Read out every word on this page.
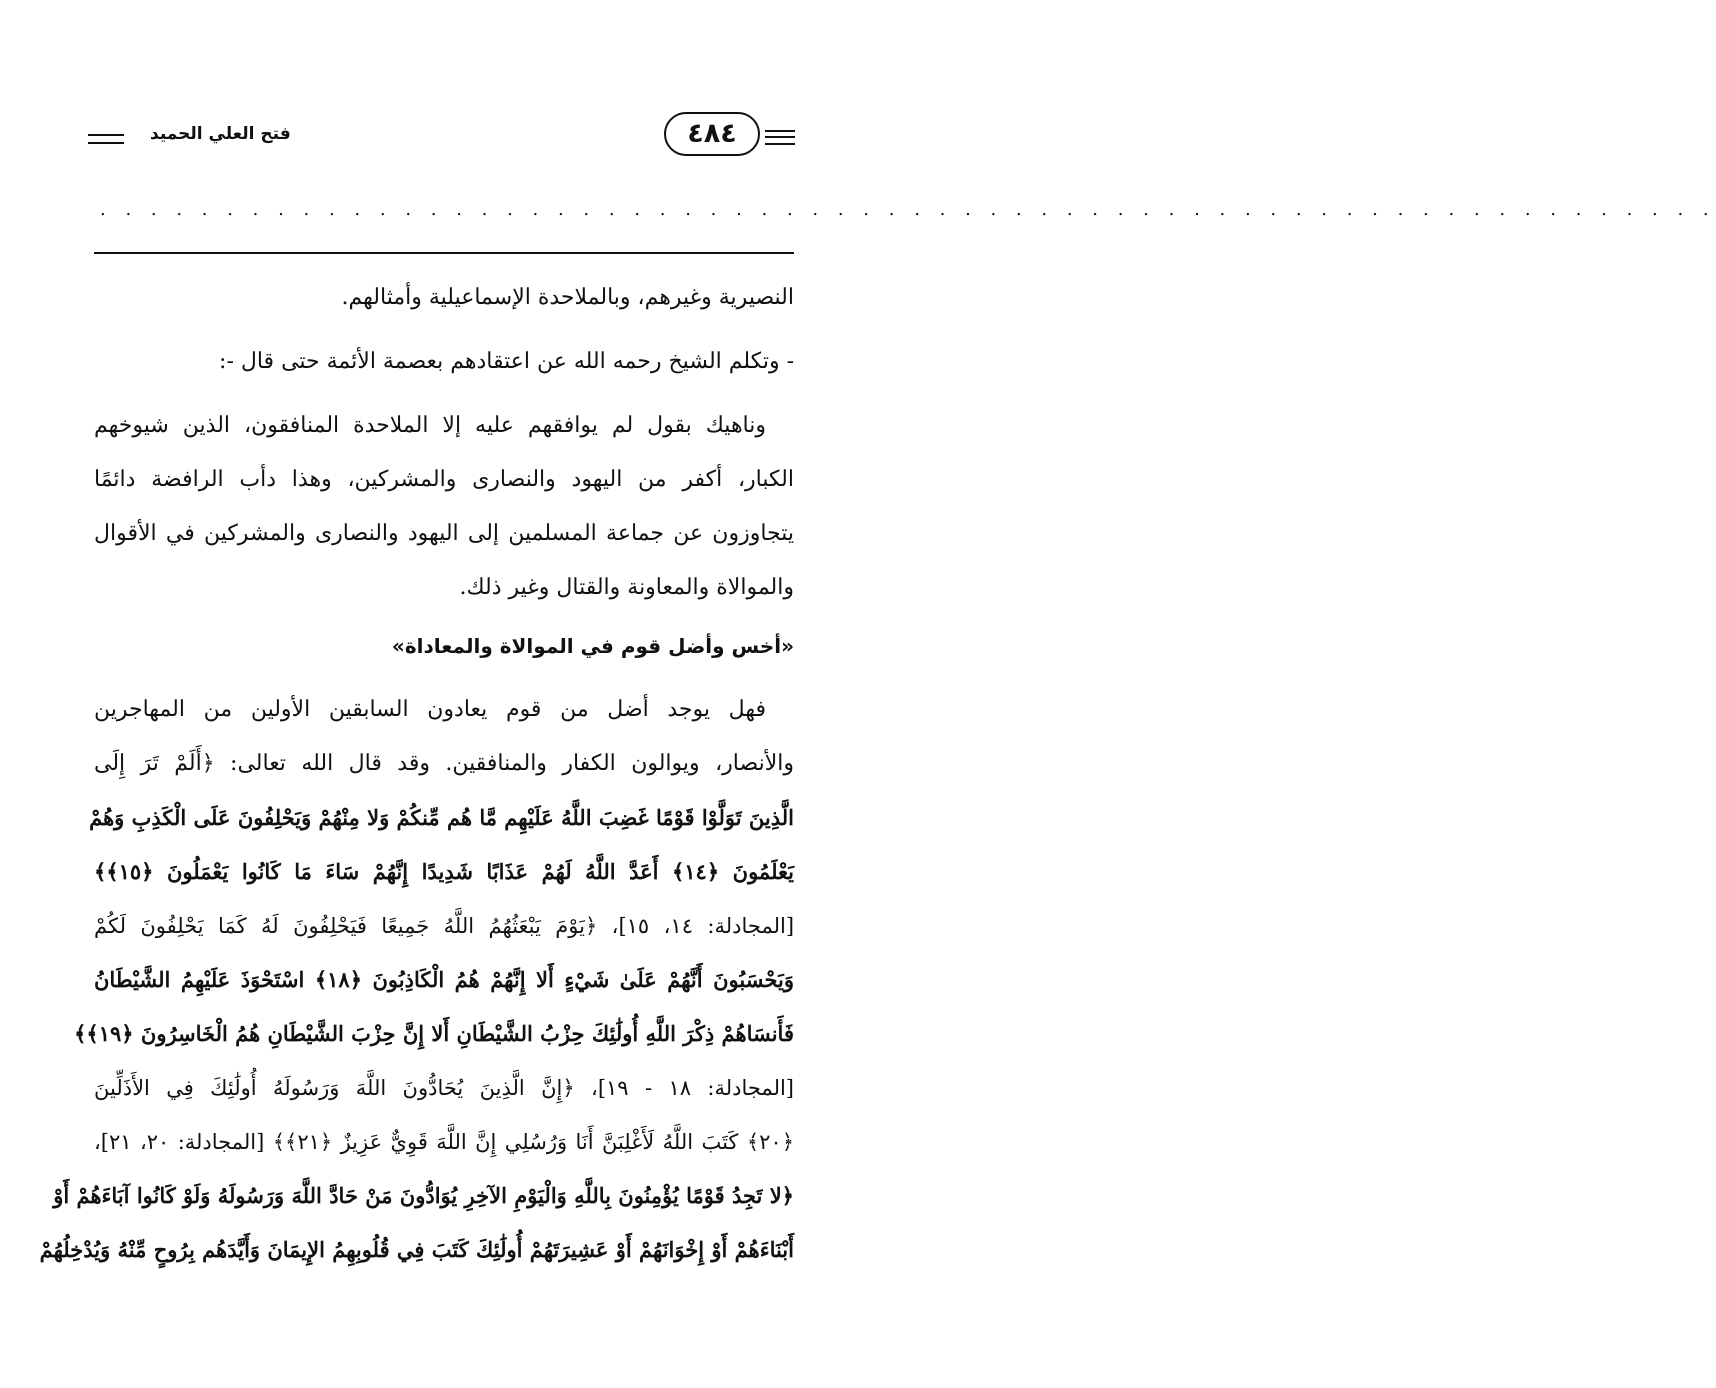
فتح العلي الحميد	٤٨٤
. . . . . . . . . . . . . . . . . . . . . . . . . . . . . . . . . . . . . . . . . . . . . . . . . . . . . . . . . . . . . . . .
النصيرية وغيرهم، وبالملاحدة الإسماعيلية وأمثالهم.
- وتكلم الشيخ رحمه الله عن اعتقادهم بعصمة الأئمة حتى قال -:
وناهيك بقول لم يوافقهم عليه إلا الملاحدة المنافقون، الذين شيوخهم
الكبار، أكفر من اليهود والنصارى والمشركين، وهذا دأب الرافضة دائمًا
يتجاوزون عن جماعة المسلمين إلى اليهود والنصارى والمشركين في الأقوال
والموالاة والمعاونة والقتال وغير ذلك.
«أخس وأضل قوم في الموالاة والمعاداة»
فهل يوجد أضل من قوم يعادون السابقين الأولين من المهاجرين
والأنصار، ويوالون الكفار والمنافقين. وقد قال الله تعالى: ﴿أَلَمْ تَرَ إِلَى
الَّذِينَ تَوَلَّوْا قَوْمًا غَضِبَ اللَّهُ عَلَيْهِم مَّا هُم مِّنكُمْ وَلا مِنْهُمْ وَيَحْلِفُونَ عَلَى الْكَذِبِ وَهُمْ
يَعْلَمُونَ ﴿١٤﴾ أَعَدَّ اللَّهُ لَهُمْ عَذَابًا شَدِيدًا إِنَّهُمْ سَاءَ مَا كَانُوا يَعْمَلُونَ ﴿١٥﴾﴾
[المجادلة: ١٤، ١٥]، ﴿يَوْمَ يَبْعَثُهُمُ اللَّهُ جَمِيعًا فَيَحْلِفُونَ لَهُ كَمَا يَحْلِفُونَ لَكُمْ
وَيَحْسَبُونَ أَنَّهُمْ عَلَىٰ شَيْءٍ أَلا إِنَّهُمْ هُمُ الْكَاذِبُونَ ﴿١٨﴾ اسْتَحْوَذَ عَلَيْهِمُ الشَّيْطَانُ
فَأَنسَاهُمْ ذِكْرَ اللَّهِ أُولَٰئِكَ حِزْبُ الشَّيْطَانِ أَلا إِنَّ حِزْبَ الشَّيْطَانِ هُمُ الْخَاسِرُونَ ﴿١٩﴾﴾
[المجادلة: ١٨ - ١٩]، ﴿إِنَّ الَّذِينَ يُحَادُّونَ اللَّهَ وَرَسُولَهُ أُولَٰئِكَ فِي الأَذَلِّينَ
﴿٢٠﴾ كَتَبَ اللَّهُ لَأَغْلِبَنَّ أَنَا وَرُسُلِي إِنَّ اللَّهَ قَوِيٌّ عَزِيزٌ ﴿٢١﴾﴾ [المجادلة: ٢٠، ٢١]،
﴿لا تَجِدُ قَوْمًا يُؤْمِنُونَ بِاللَّهِ وَالْيَوْمِ الآخِرِ يُوَادُّونَ مَنْ حَادَّ اللَّهَ وَرَسُولَهُ وَلَوْ كَانُوا آبَاءَهُمْ أَوْ
أَبْنَاءَهُمْ أَوْ إِخْوَانَهُمْ أَوْ عَشِيرَتَهُمْ أُولَٰئِكَ كَتَبَ فِي قُلُوبِهِمُ الإِيمَانَ وَأَيَّدَهُم بِرُوحٍ مِّنْهُ وَيُدْخِلُهُمْ
